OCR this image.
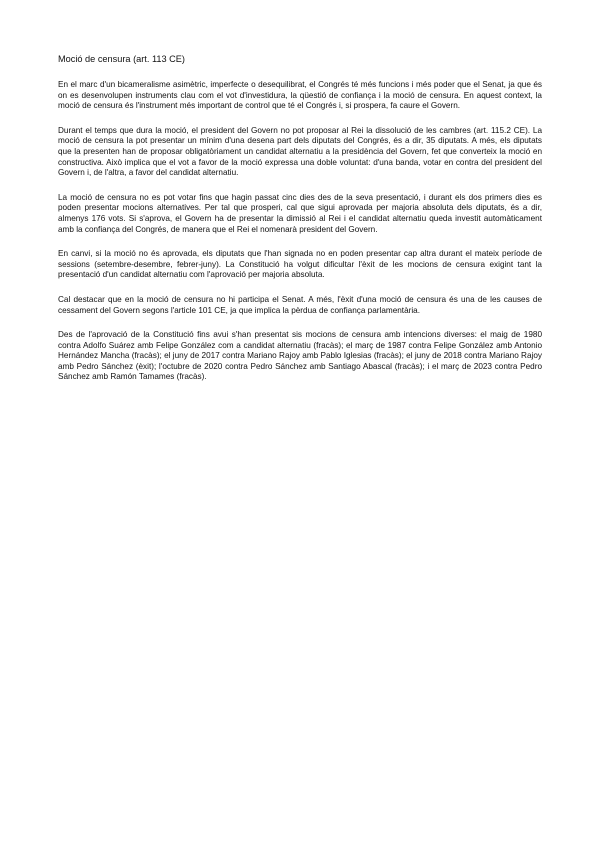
Moció de censura (art. 113 CE)

En el marc d'un bicameralisme asimètric, imperfecte o desequilibrat, el Congrés té més funcions i més poder que el Senat, ja que és on es desenvolupen instruments clau com el vot d'investidura, la qüestió de confiança i la moció de censura. En aquest context, la moció de censura és l'instrument més important de control que té el Congrés i, si prospera, fa caure el Govern.

Durant el temps que dura la moció, el president del Govern no pot proposar al Rei la dissolució de les cambres (art. 115.2 CE). La moció de censura la pot presentar un mínim d'una desena part dels diputats del Congrés, és a dir, 35 diputats. A més, els diputats que la presenten han de proposar obligatòriament un candidat alternatiu a la presidència del Govern, fet que converteix la moció en constructiva. Això implica que el vot a favor de la moció expressa una doble voluntat: d'una banda, votar en contra del president del Govern i, de l'altra, a favor del candidat alternatiu.

La moció de censura no es pot votar fins que hagin passat cinc dies des de la seva presentació, i durant els dos primers dies es poden presentar mocions alternatives. Per tal que prosperi, cal que sigui aprovada per majoria absoluta dels diputats, és a dir, almenys 176 vots. Si s'aprova, el Govern ha de presentar la dimissió al Rei i el candidat alternatiu queda investit automàticament amb la confiança del Congrés, de manera que el Rei el nomenarà president del Govern.

En canvi, si la moció no és aprovada, els diputats que l'han signada no en poden presentar cap altra durant el mateix període de sessions (setembre-desembre, febrer-juny). La Constitució ha volgut dificultar l'èxit de les mocions de censura exigint tant la presentació d'un candidat alternatiu com l'aprovació per majoria absoluta.

Cal destacar que en la moció de censura no hi participa el Senat. A més, l'èxit d'una moció de censura és una de les causes de cessament del Govern segons l'article 101 CE, ja que implica la pèrdua de confiança parlamentària.

Des de l'aprovació de la Constitució fins avui s'han presentat sis mocions de censura amb intencions diverses: el maig de 1980 contra Adolfo Suárez amb Felipe González com a candidat alternatiu (fracàs); el març de 1987 contra Felipe González amb Antonio Hernández Mancha (fracàs); el juny de 2017 contra Mariano Rajoy amb Pablo Iglesias (fracàs); el juny de 2018 contra Mariano Rajoy amb Pedro Sánchez (èxit); l'octubre de 2020 contra Pedro Sánchez amb Santiago Abascal (fracàs); i el març de 2023 contra Pedro Sánchez amb Ramón Tamames (fracàs).
